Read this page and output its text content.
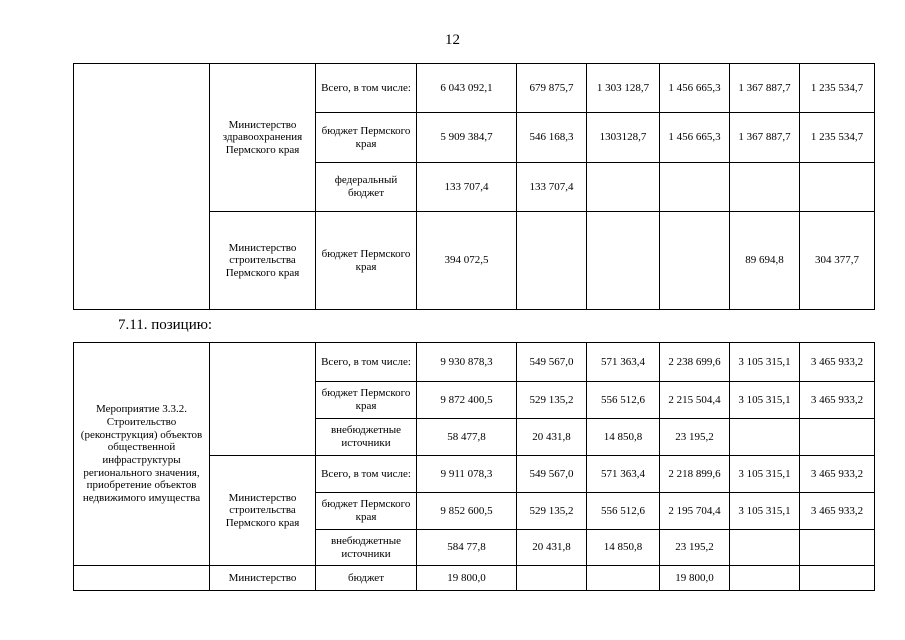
12
	Министерство здравоохранения Пермского края	Всего, в том числе:	6 043 092,1	679 875,7	1 303 128,7	1 456 665,3	1 367 887,7	1 235 534,7
		бюджет Пермского края	5 909 384,7	546 168,3	1303128,7	1 456 665,3	1 367 887,7	1 235 534,7
		федеральный бюджет	133 707,4	133 707,4				
	Министерство строительства Пермского края	бюджет Пермского края	394 072,5				89 694,8	304 377,7
7.11. позицию:
Мероприятие 3.3.2. Строительство (реконструкция) объектов общественной инфраструктуры регионального значения, приобретение объектов недвижимого имущества		Всего, в том числе:	9 930 878,3	549 567,0	571 363,4	2 238 699,6	3 105 315,1	3 465 933,2
		бюджет Пермского края	9 872 400,5	529 135,2	556 512,6	2 215 504,4	3 105 315,1	3 465 933,2
		внебюджетные источники	58 477,8	20 431,8	14 850,8	23 195,2		
	Министерство строительства Пермского края	Всего, в том числе:	9 911 078,3	549 567,0	571 363,4	2 218 899,6	3 105 315,1	3 465 933,2
		бюджет Пермского края	9 852 600,5	529 135,2	556 512,6	2 195 704,4	3 105 315,1	3 465 933,2
		внебюджетные источники	584 77,8	20 431,8	14 850,8	23 195,2		
	Министерство	бюджет	19 800,0			19 800,0		
